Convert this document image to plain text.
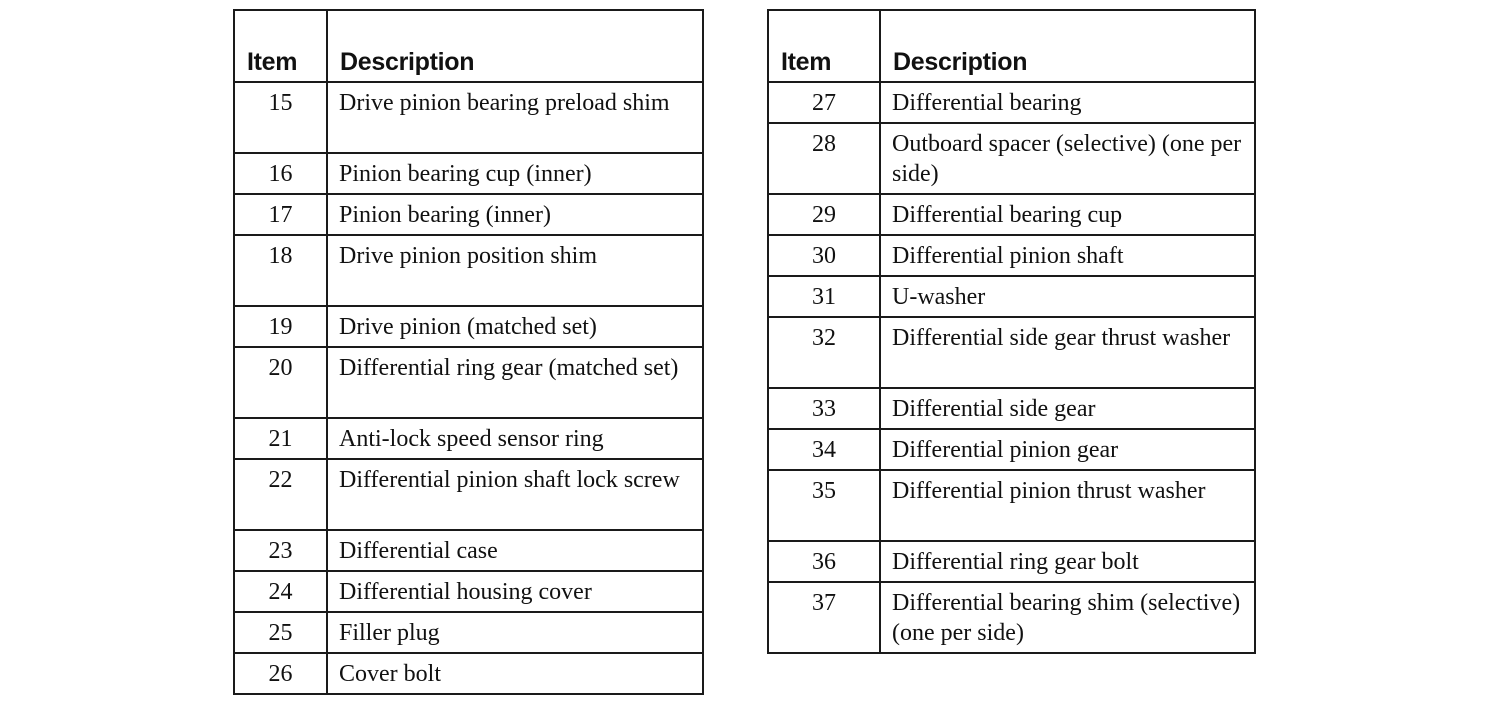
Item	Description
15	Drive pinion bearing preload shim
16	Pinion bearing cup (inner)
17	Pinion bearing (inner)
18	Drive pinion position shim
19	Drive pinion (matched set)
20	Differential ring gear (matched set)
21	Anti-lock speed sensor ring
22	Differential pinion shaft lock screw
23	Differential case
24	Differential housing cover
25	Filler plug
26	Cover bolt
Item	Description
27	Differential bearing
28	Outboard spacer (selective) (one per side)
29	Differential bearing cup
30	Differential pinion shaft
31	U-washer
32	Differential side gear thrust washer
33	Differential side gear
34	Differential pinion gear
35	Differential pinion thrust washer
36	Differential ring gear bolt
37	Differential bearing shim (selective) (one per side)
